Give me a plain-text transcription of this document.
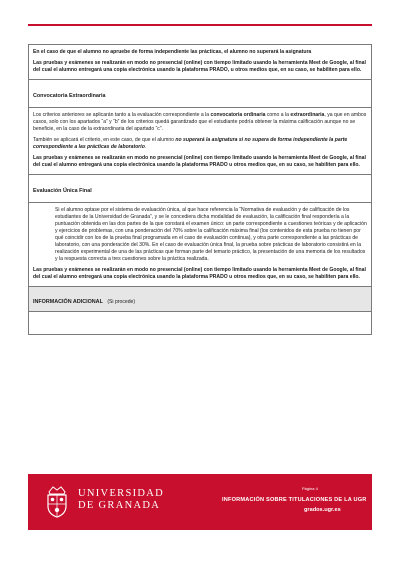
En el caso de que el alumno no apruebe de forma independiente las prácticas, el alumno no superará la asignatura

Las pruebas y exámenes se realizarán en modo no presencial (online) con tiempo limitado usando la herramienta Meet de Google, al final del cual el alumno entregará una copia electrónica usando la plataforma PRADO, u otros medios que, en su caso, se habiliten para ello.

Convocatoria Extraordinaria

Los criterios anteriores se aplicarán tanto a la evaluación correspondiente a la convocatoria ordinaria como a la extraordinaria, ya que en ambos casos, solo con los apartados “a” y “b” de los criterios quedá garantizado que el estudiante podría obtener la máxima calificación aunque no se beneficie, en la caso de la extraordinaria del apartado “c”.

También se aplicará el criterio, en este caso, de que el alumno no superará la asignatura si no supera de forma independiente la parte correspondiente a las prácticas de laboratorio.

Las pruebas y exámenes se realizarán en modo no presencial (online) con tiempo limitado usando la herramienta Meet de Google, al final del cual el alumno entregará una copia electrónica usando la plataforma PRADO u otros medios que, en su caso, se habiliten para ello.

Evaluación Única Final

Si el alumno optase por el sistema de evaluación única, al que hace referencia la “Normativa de evaluación y de calificación de los estudiantes de la Universidad de Granada”, y se le concediera dicha modalidad de evaluación, la calificación final respondería a la puntuación obtenida en las dos partes de la que constará el examen único: un parte correspondiente a cuestiones teóricas y de aplicación y ejercicios de problemas, con una ponderación del 70% sobre la calificación máxima final (los contenidos de esta prueba no tienen por qué coincidir con los de la prueba final programada en el caso de evaluación continua), y otra parte correspondiente a las prácticas de laboratorio, con una ponderación del 30%. En el caso de evaluación única final, la prueba sobre prácticas de laboratorio consistirá en la realización experimental de una de las prácticas que forman parte del temario práctico, la presentación de una memoria de los resultados y la respuesta correcta a tres cuestiones sobre la práctica realizada.

Las pruebas y exámenes se realizarán en modo no presencial (online) con tiempo limitado usando la herramienta Meet de Google, al final del cual el alumno entregará una copia electrónica usando la plataforma PRADO u otros medios que, en su caso, se habiliten para ello.

INFORMACIÓN ADICIONAL (Si procede)
UNIVERSIDAD
DE GRANADA
Página 4
INFORMACIÓN SOBRE TITULACIONES DE LA UGR
grados.ugr.es
